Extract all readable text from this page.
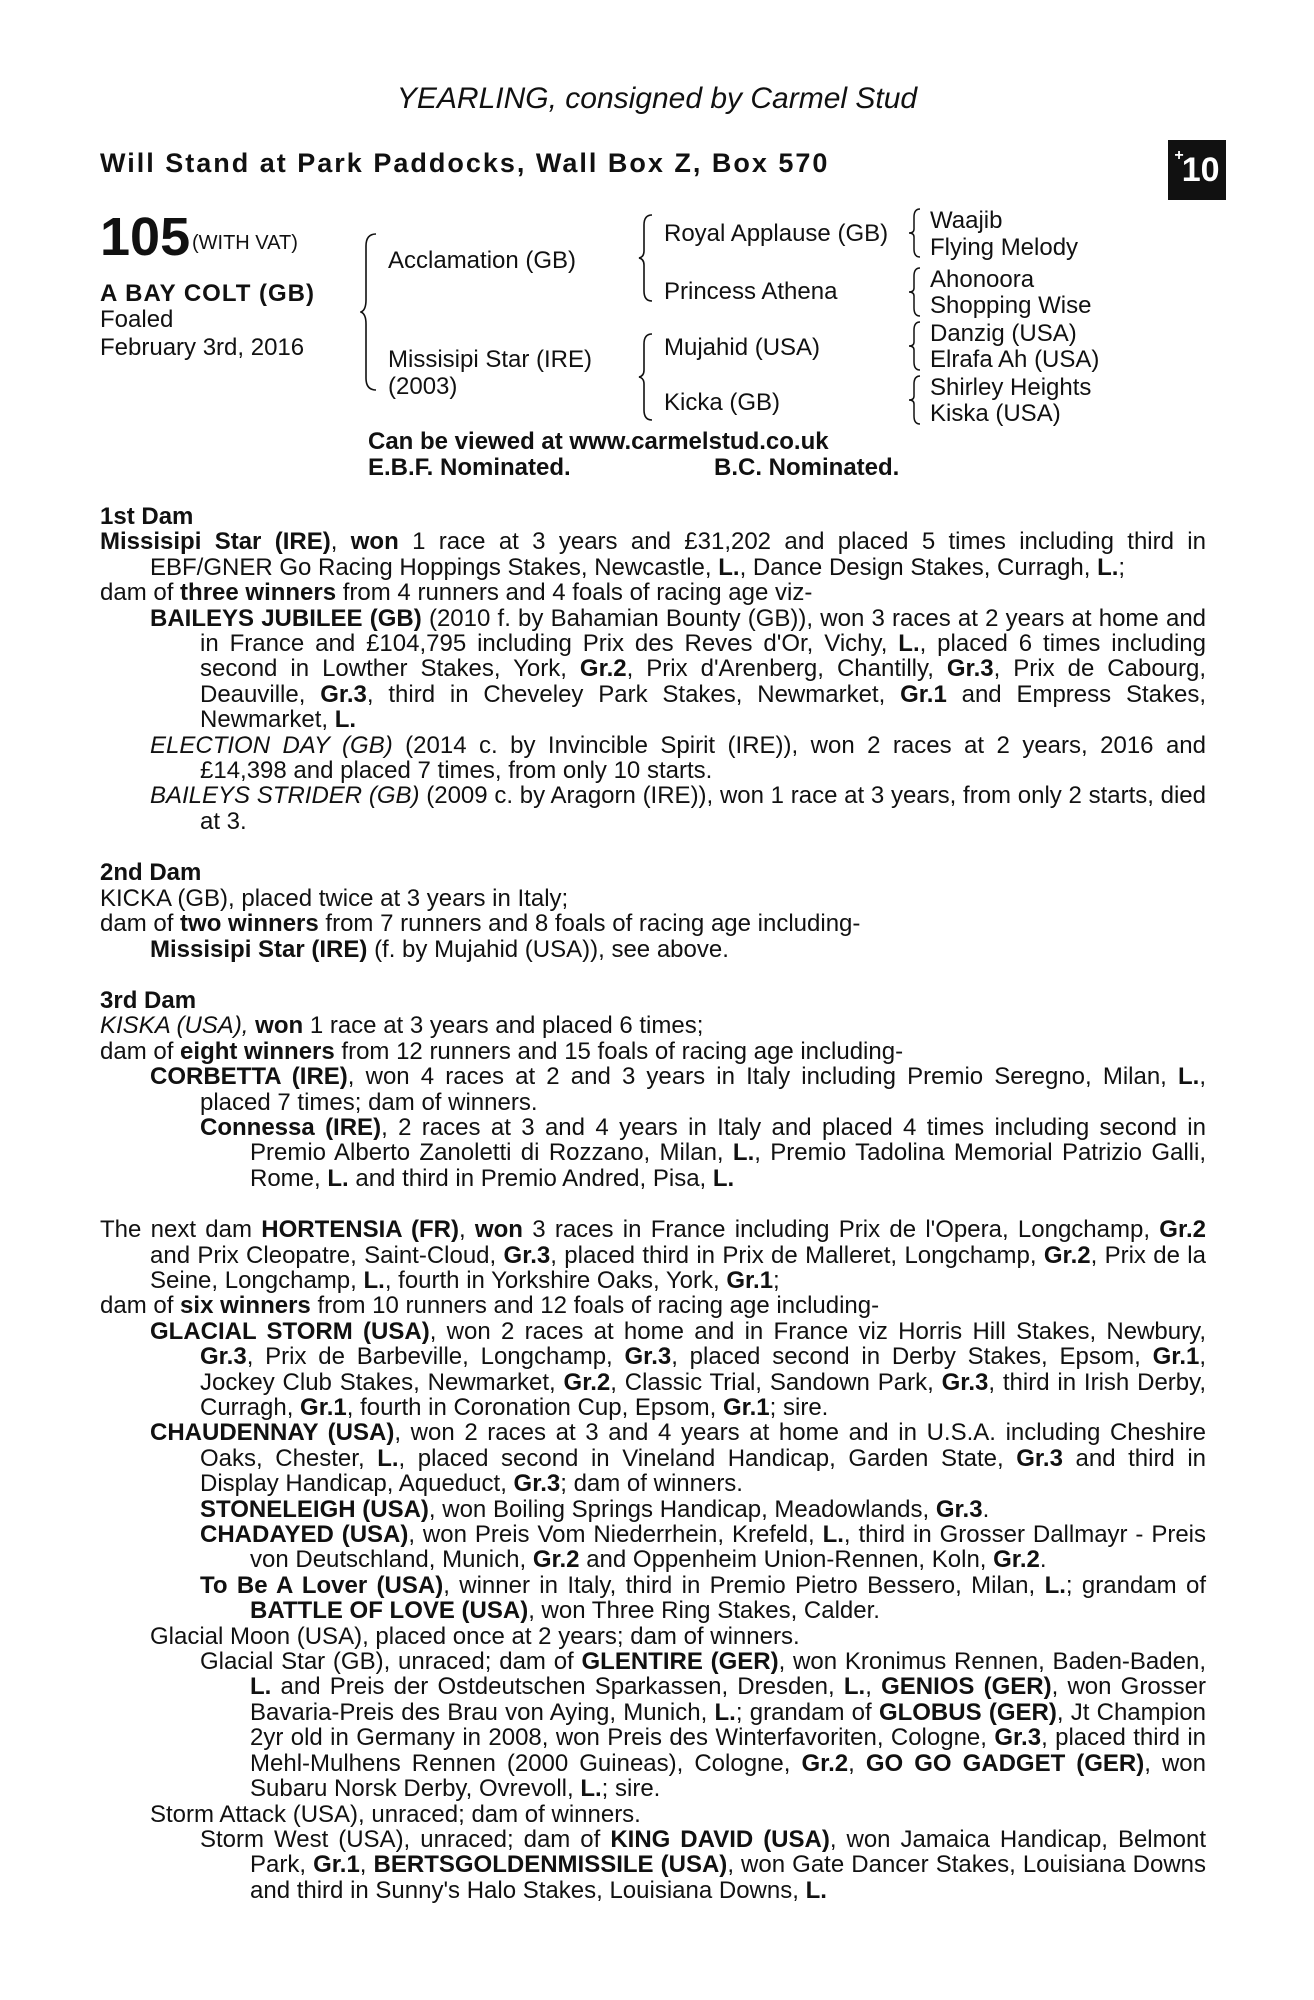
YEARLING, consigned by Carmel Stud
Will Stand at Park Paddocks, Wall Box Z, Box 570	+10
105 (WITH VAT)
A BAY COLT (GB)
Foaled
February 3rd, 2016
Acclamation (GB)
Missisipi Star (IRE)
(2003)
Royal Applause (GB)
Princess Athena
Mujahid (USA)
Kicka (GB)
Waajib
Flying Melody
Ahonoora
Shopping Wise
Danzig (USA)
Elrafa Ah (USA)
Shirley Heights
Kiska (USA)
Can be viewed at www.carmelstud.co.uk
E.B.F. Nominated.	B.C. Nominated.

1st Dam

Missisipi Star (IRE), won 1 race at 3 years and £31,202 and placed 5 times including third in EBF/GNER Go Racing Hoppings Stakes, Newcastle, L., Dance Design Stakes, Curragh, L.;

dam of three winners from 4 runners and 4 foals of racing age viz-

BAILEYS JUBILEE (GB) (2010 f. by Bahamian Bounty (GB)), won 3 races at 2 years at home and in France and £104,795 including Prix des Reves d'Or, Vichy, L., placed 6 times including second in Lowther Stakes, York, Gr.2, Prix d'Arenberg, Chantilly, Gr.3, Prix de Cabourg, Deauville, Gr.3, third in Cheveley Park Stakes, Newmarket, Gr.1 and Empress Stakes, Newmarket, L.

ELECTION DAY (GB) (2014 c. by Invincible Spirit (IRE)), won 2 races at 2 years, 2016 and £14,398 and placed 7 times, from only 10 starts.

BAILEYS STRIDER (GB) (2009 c. by Aragorn (IRE)), won 1 race at 3 years, from only 2 starts, died at 3.

2nd Dam

KICKA (GB), placed twice at 3 years in Italy;

dam of two winners from 7 runners and 8 foals of racing age including-

Missisipi Star (IRE) (f. by Mujahid (USA)), see above.

3rd Dam

KISKA (USA), won 1 race at 3 years and placed 6 times;

dam of eight winners from 12 runners and 15 foals of racing age including-

CORBETTA (IRE), won 4 races at 2 and 3 years in Italy including Premio Seregno, Milan, L., placed 7 times; dam of winners.

Connessa (IRE), 2 races at 3 and 4 years in Italy and placed 4 times including second in Premio Alberto Zanoletti di Rozzano, Milan, L., Premio Tadolina Memorial Patrizio Galli, Rome, L. and third in Premio Andred, Pisa, L.

The next dam HORTENSIA (FR), won 3 races in France including Prix de l'Opera, Longchamp, Gr.2 and Prix Cleopatre, Saint-Cloud, Gr.3, placed third in Prix de Malleret, Longchamp, Gr.2, Prix de la Seine, Longchamp, L., fourth in Yorkshire Oaks, York, Gr.1;

dam of six winners from 10 runners and 12 foals of racing age including-

GLACIAL STORM (USA), won 2 races at home and in France viz Horris Hill Stakes, Newbury, Gr.3, Prix de Barbeville, Longchamp, Gr.3, placed second in Derby Stakes, Epsom, Gr.1, Jockey Club Stakes, Newmarket, Gr.2, Classic Trial, Sandown Park, Gr.3, third in Irish Derby, Curragh, Gr.1, fourth in Coronation Cup, Epsom, Gr.1; sire.

CHAUDENNAY (USA), won 2 races at 3 and 4 years at home and in U.S.A. including Cheshire Oaks, Chester, L., placed second in Vineland Handicap, Garden State, Gr.3 and third in Display Handicap, Aqueduct, Gr.3; dam of winners.

STONELEIGH (USA), won Boiling Springs Handicap, Meadowlands, Gr.3.

CHADAYED (USA), won Preis Vom Niederrhein, Krefeld, L., third in Grosser Dallmayr - Preis von Deutschland, Munich, Gr.2 and Oppenheim Union-Rennen, Koln, Gr.2.

To Be A Lover (USA), winner in Italy, third in Premio Pietro Bessero, Milan, L.; grandam of BATTLE OF LOVE (USA), won Three Ring Stakes, Calder.

Glacial Moon (USA), placed once at 2 years; dam of winners.

Glacial Star (GB), unraced; dam of GLENTIRE (GER), won Kronimus Rennen, Baden-Baden, L. and Preis der Ostdeutschen Sparkassen, Dresden, L., GENIOS (GER), won Grosser Bavaria-Preis des Brau von Aying, Munich, L.; grandam of GLOBUS (GER), Jt Champion 2yr old in Germany in 2008, won Preis des Winterfavoriten, Cologne, Gr.3, placed third in Mehl-Mulhens Rennen (2000 Guineas), Cologne, Gr.2, GO GO GADGET (GER), won Subaru Norsk Derby, Ovrevoll, L.; sire.

Storm Attack (USA), unraced; dam of winners.

Storm West (USA), unraced; dam of KING DAVID (USA), won Jamaica Handicap, Belmont Park, Gr.1, BERTSGOLDENMISSILE (USA), won Gate Dancer Stakes, Louisiana Downs and third in Sunny's Halo Stakes, Louisiana Downs, L.
